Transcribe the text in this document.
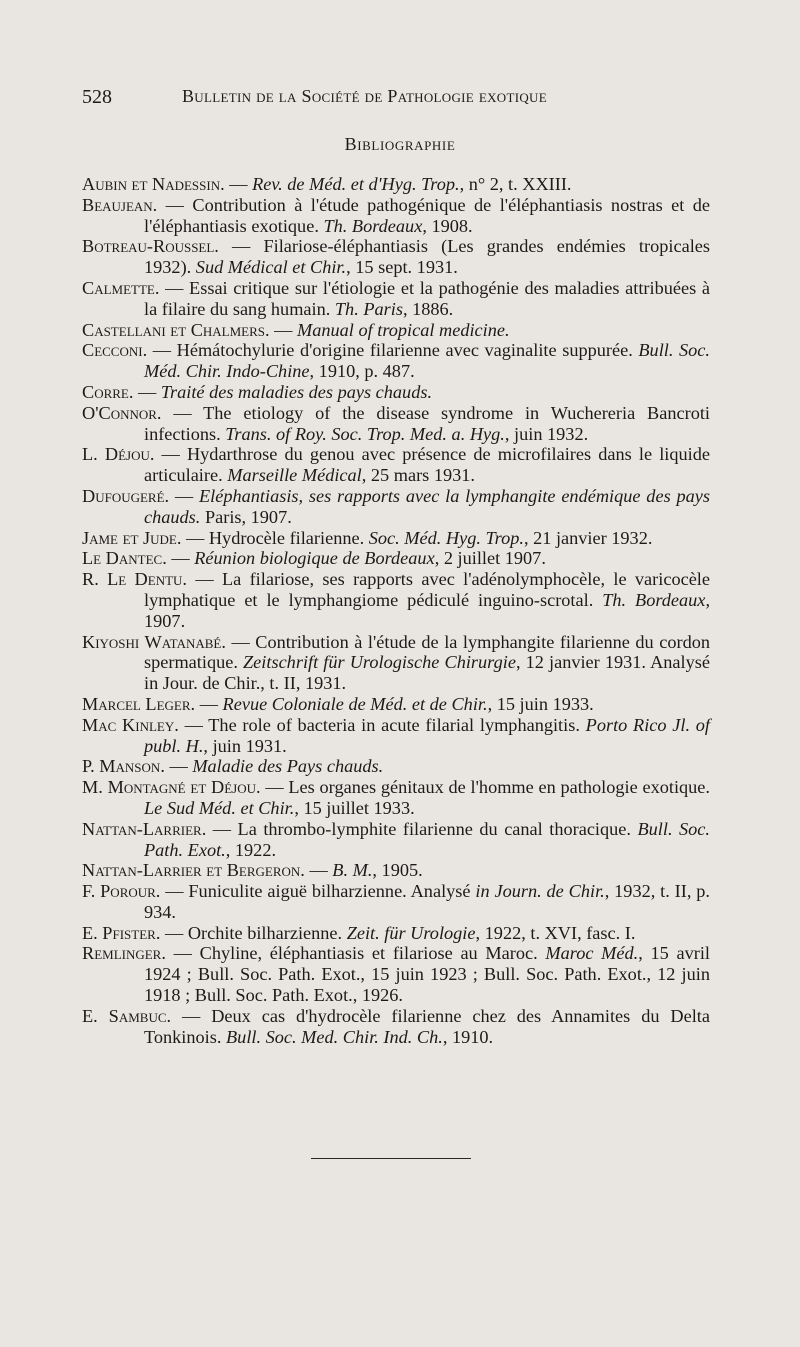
528	Bulletin de la Société de Pathologie exotique
Bibliographie
Aubin et Nadessin. — Rev. de Méd. et d'Hyg. Trop., n° 2, t. XXIII.
Beaujean. — Contribution à l'étude pathogénique de l'éléphantiasis nostras et de l'éléphantiasis exotique. Th. Bordeaux, 1908.
Botreau-Roussel. — Filariose-éléphantiasis (Les grandes endémies tropicales 1932). Sud Médical et Chir., 15 sept. 1931.
Calmette. — Essai critique sur l'étiologie et la pathogénie des maladies attribuées à la filaire du sang humain. Th. Paris, 1886.
Castellani et Chalmers. — Manual of tropical medicine.
Cecconi. — Hémátochylurie d'origine filarienne avec vaginalite suppurée. Bull. Soc. Méd. Chir. Indo-Chine, 1910, p. 487.
Corre. — Traité des maladies des pays chauds.
O'Connor. — The etiology of the disease syndrome in Wuchereria Bancroti infections. Trans. of Roy. Soc. Trop. Med. a. Hyg., juin 1932.
L. Déjou. — Hydarthrose du genou avec présence de microfilaires dans le liquide articulaire. Marseille Médical, 25 mars 1931.
Dufougeré. — Eléphantiasis, ses rapports avec la lymphangite endémique des pays chauds. Paris, 1907.
Jame et Jude. — Hydrocèle filarienne. Soc. Méd. Hyg. Trop., 21 janvier 1932.
Le Dantec. — Réunion biologique de Bordeaux, 2 juillet 1907.
R. Le Dentu. — La filariose, ses rapports avec l'adénolymphocèle, le varicocèle lymphatique et le lymphangiome pédiculé inguino-scrotal. Th. Bordeaux, 1907.
Kiyoshi Watanabé. — Contribution à l'étude de la lymphangite filarienne du cordon spermatique. Zeitschrift für Urologische Chirurgie, 12 janvier 1931. Analysé in Jour. de Chir., t. II, 1931.
Marcel Leger. — Revue Coloniale de Méd. et de Chir., 15 juin 1933.
Mac Kinley. — The role of bacteria in acute filarial lymphangitis. Porto Rico Jl. of publ. H., juin 1931.
P. Manson. — Maladie des Pays chauds.
M. Montagné et Déjou. — Les organes génitaux de l'homme en pathologie exotique. Le Sud Méd. et Chir., 15 juillet 1933.
Nattan-Larrier. — La thrombo-lymphite filarienne du canal thoracique. Bull. Soc. Path. Exot., 1922.
Nattan-Larrier et Bergeron. — B. M., 1905.
F. Porour. — Funiculite aiguë bilharzienne. Analysé in Journ. de Chir., 1932, t. II, p. 934.
E. Pfister. — Orchite bilharzienne. Zeit. für Urologie, 1922, t. XVI, fasc. I.
Remlinger. — Chyline, éléphantiasis et filariose au Maroc. Maroc Méd., 15 avril 1924 ; Bull. Soc. Path. Exot., 15 juin 1923 ; Bull. Soc. Path. Exot., 12 juin 1918 ; Bull. Soc. Path. Exot., 1926.
E. Sambuc. — Deux cas d'hydrocèle filarienne chez des Annamites du Delta Tonkinois. Bull. Soc. Med. Chir. Ind. Ch., 1910.
